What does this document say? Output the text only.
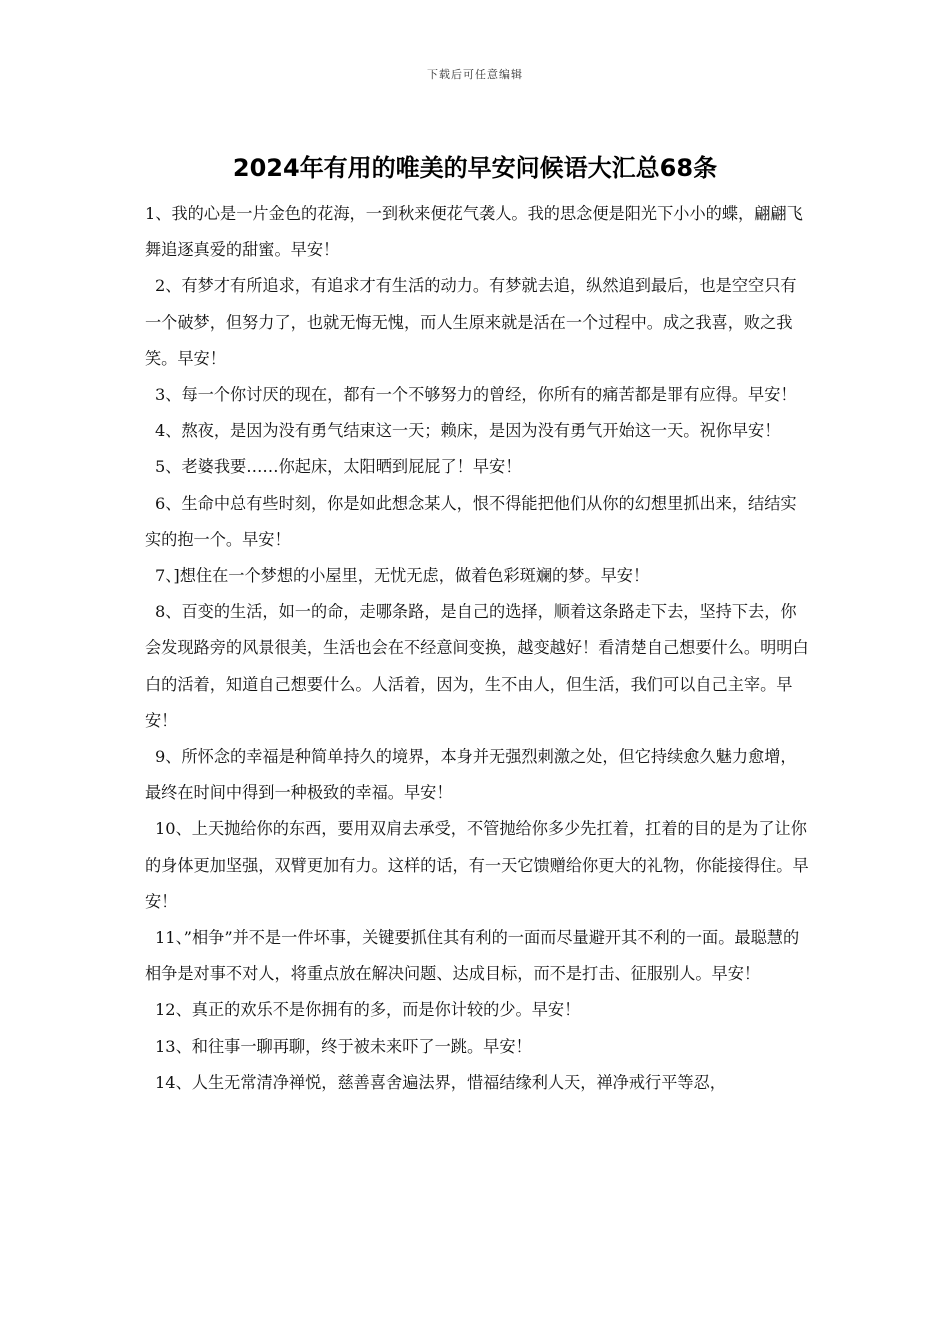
下载后可任意编辑
2024年有用的唯美的早安问候语大汇总68条

1、我的心是一片金色的花海，一到秋来便花气袭人。我的思念便是阳光下小小的蝶，翩翩飞舞追逐真爱的甜蜜。早安！

2、有梦才有所追求，有追求才有生活的动力。有梦就去追，纵然追到最后，也是空空只有一个破梦，但努力了，也就无悔无愧，而人生原来就是活在一个过程中。成之我喜，败之我笑。早安！

3、每一个你讨厌的现在，都有一个不够努力的曾经，你所有的痛苦都是罪有应得。早安！

4、熬夜，是因为没有勇气结束这一天；赖床，是因为没有勇气开始这一天。祝你早安！

5、老婆我要……你起床，太阳晒到屁屁了！早安！

6、生命中总有些时刻，你是如此想念某人，恨不得能把他们从你的幻想里抓出来，结结实实的抱一个。早安！

7、]想住在一个梦想的小屋里，无忧无虑，做着色彩斑斓的梦。早安！

8、百变的生活，如一的命，走哪条路，是自己的选择，顺着这条路走下去，坚持下去，你会发现路旁的风景很美，生活也会在不经意间变换，越变越好！看清楚自己想要什么。明明白白的活着，知道自己想要什么。人活着，因为，生不由人，但生活，我们可以自己主宰。早安！

9、所怀念的幸福是种简单持久的境界，本身并无强烈刺激之处，但它持续愈久魅力愈增，最终在时间中得到一种极致的幸福。早安！

10、上天抛给你的东西，要用双肩去承受，不管抛给你多少先扛着，扛着的目的是为了让你的身体更加坚强，双臂更加有力。这样的话，有一天它馈赠给你更大的礼物，你能接得住。早安！

11、”相争”并不是一件坏事，关键要抓住其有利的一面而尽量避开其不利的一面。最聪慧的相争是对事不对人，将重点放在解决问题、达成目标，而不是打击、征服别人。早安！

12、真正的欢乐不是你拥有的多，而是你计较的少。早安！

13、和往事一聊再聊，终于被未来吓了一跳。早安！

14、人生无常清净禅悦，慈善喜舍遍法界，惜福结缘利人天，禅净戒行平等忍，
